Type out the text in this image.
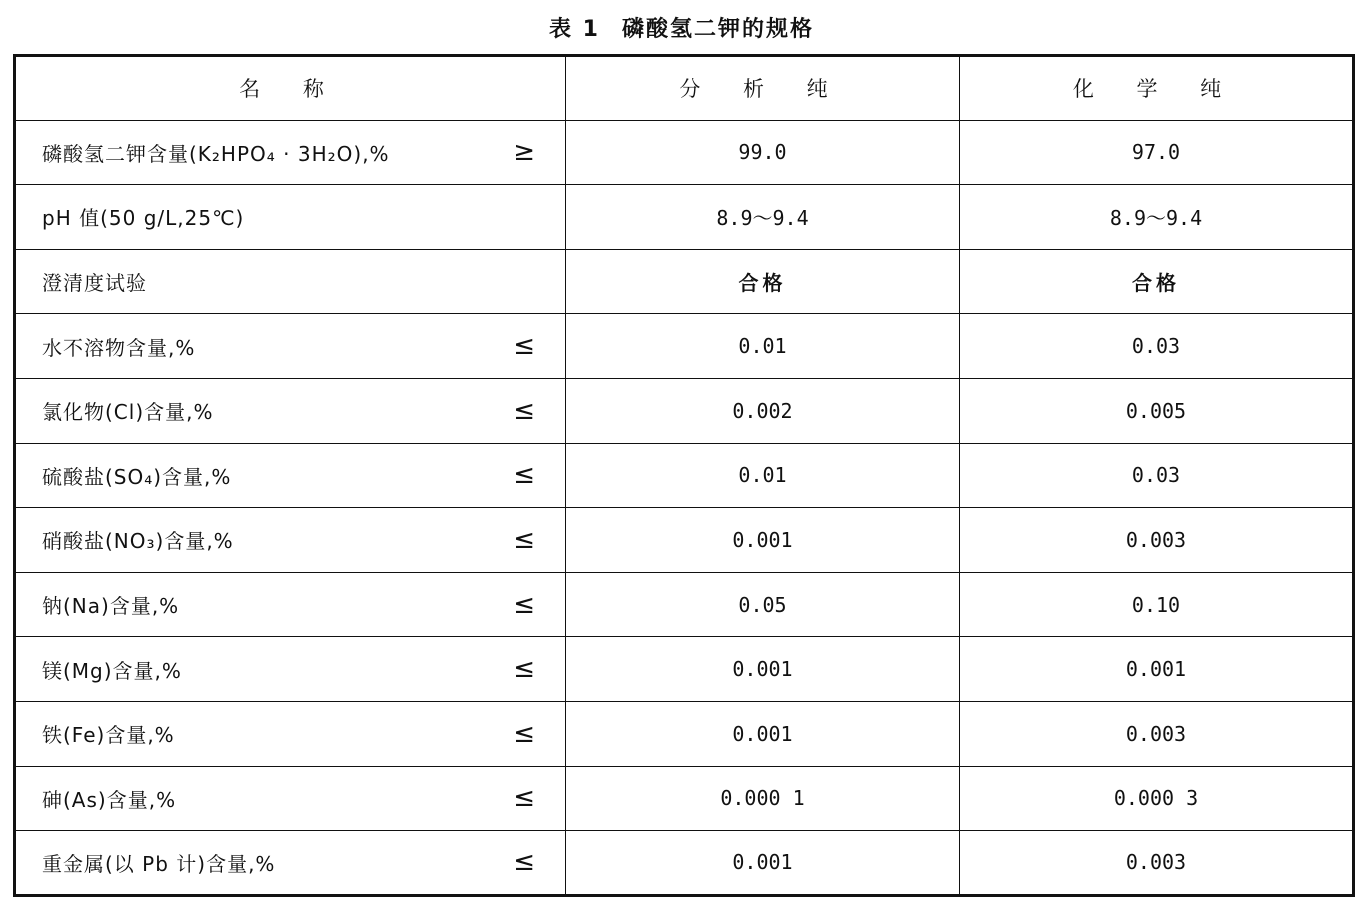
表 1 磷酸氢二钾的规格
名 称	分 析 纯	化 学 纯
磷酸氢二钾含量(K₂HPO₄ · 3H₂O),% ≥	99.0	97.0
pH 值(50 g/L,25℃)	8.9～9.4	8.9～9.4
澄清度试验	合格	合格
水不溶物含量,% ≤	0.01	0.03
氯化物(Cl)含量,% ≤	0.002	0.005
硫酸盐(SO₄)含量,% ≤	0.01	0.03
硝酸盐(NO₃)含量,% ≤	0.001	0.003
钠(Na)含量,% ≤	0.05	0.10
镁(Mg)含量,% ≤	0.001	0.001
铁(Fe)含量,% ≤	0.001	0.003
砷(As)含量,% ≤	0.000 1	0.000 3
重金属(以 Pb 计)含量,% ≤	0.001	0.003
